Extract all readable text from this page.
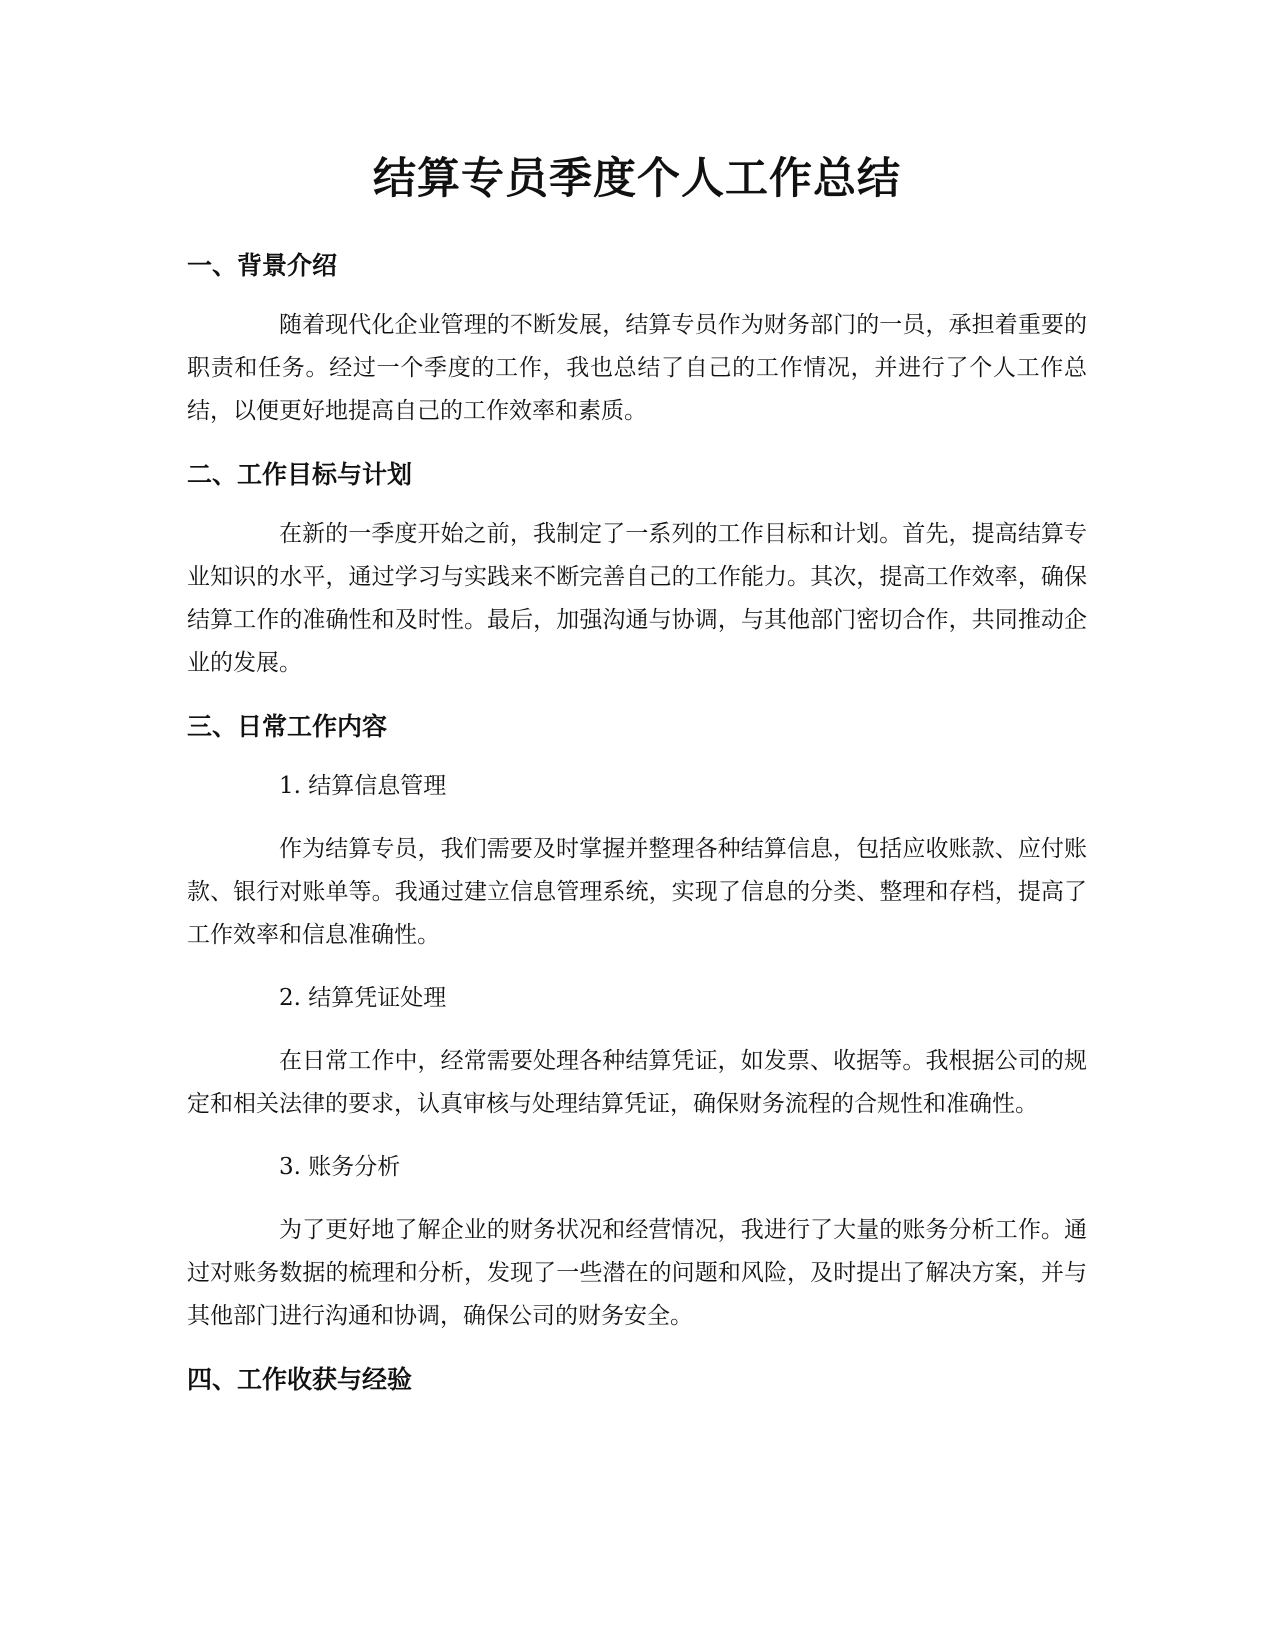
结算专员季度个人工作总结
一、背景介绍

随着现代化企业管理的不断发展，结算专员作为财务部门的一员，承担着重要的职责和任务。经过一个季度的工作，我也总结了自己的工作情况，并进行了个人工作总结，以便更好地提高自己的工作效率和素质。

二、工作目标与计划

在新的一季度开始之前，我制定了一系列的工作目标和计划。首先，提高结算专业知识的水平，通过学习与实践来不断完善自己的工作能力。其次，提高工作效率，确保结算工作的准确性和及时性。最后，加强沟通与协调，与其他部门密切合作，共同推动企业的发展。

三、日常工作内容

1. 结算信息管理

作为结算专员，我们需要及时掌握并整理各种结算信息，包括应收账款、应付账款、银行对账单等。我通过建立信息管理系统，实现了信息的分类、整理和存档，提高了工作效率和信息准确性。

2. 结算凭证处理

在日常工作中，经常需要处理各种结算凭证，如发票、收据等。我根据公司的规定和相关法律的要求，认真审核与处理结算凭证，确保财务流程的合规性和准确性。

3. 账务分析

为了更好地了解企业的财务状况和经营情况，我进行了大量的账务分析工作。通过对账务数据的梳理和分析，发现了一些潜在的问题和风险，及时提出了解决方案，并与其他部门进行沟通和协调，确保公司的财务安全。

四、工作收获与经验
